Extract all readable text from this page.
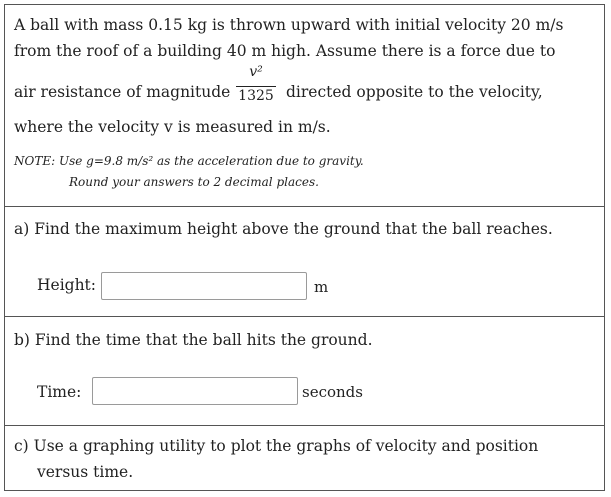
A ball with mass 0.15 kg is thrown upward with initial velocity 20 m/s
from the roof of a building 40 m high. Assume there is a force due to
air resistance of magnitude
v²
1325 directed opposite to the velocity,
where the velocity v is measured in m/s.
NOTE: Use g=9.8 m/s² as the acceleration due to gravity.
Round your answers to 2 decimal places.
a) Find the maximum height above the ground that the ball reaches.
Height:	m
b) Find the time that the ball hits the ground.
Time:	seconds
c) Use a graphing utility to plot the graphs of velocity and position
versus time.
